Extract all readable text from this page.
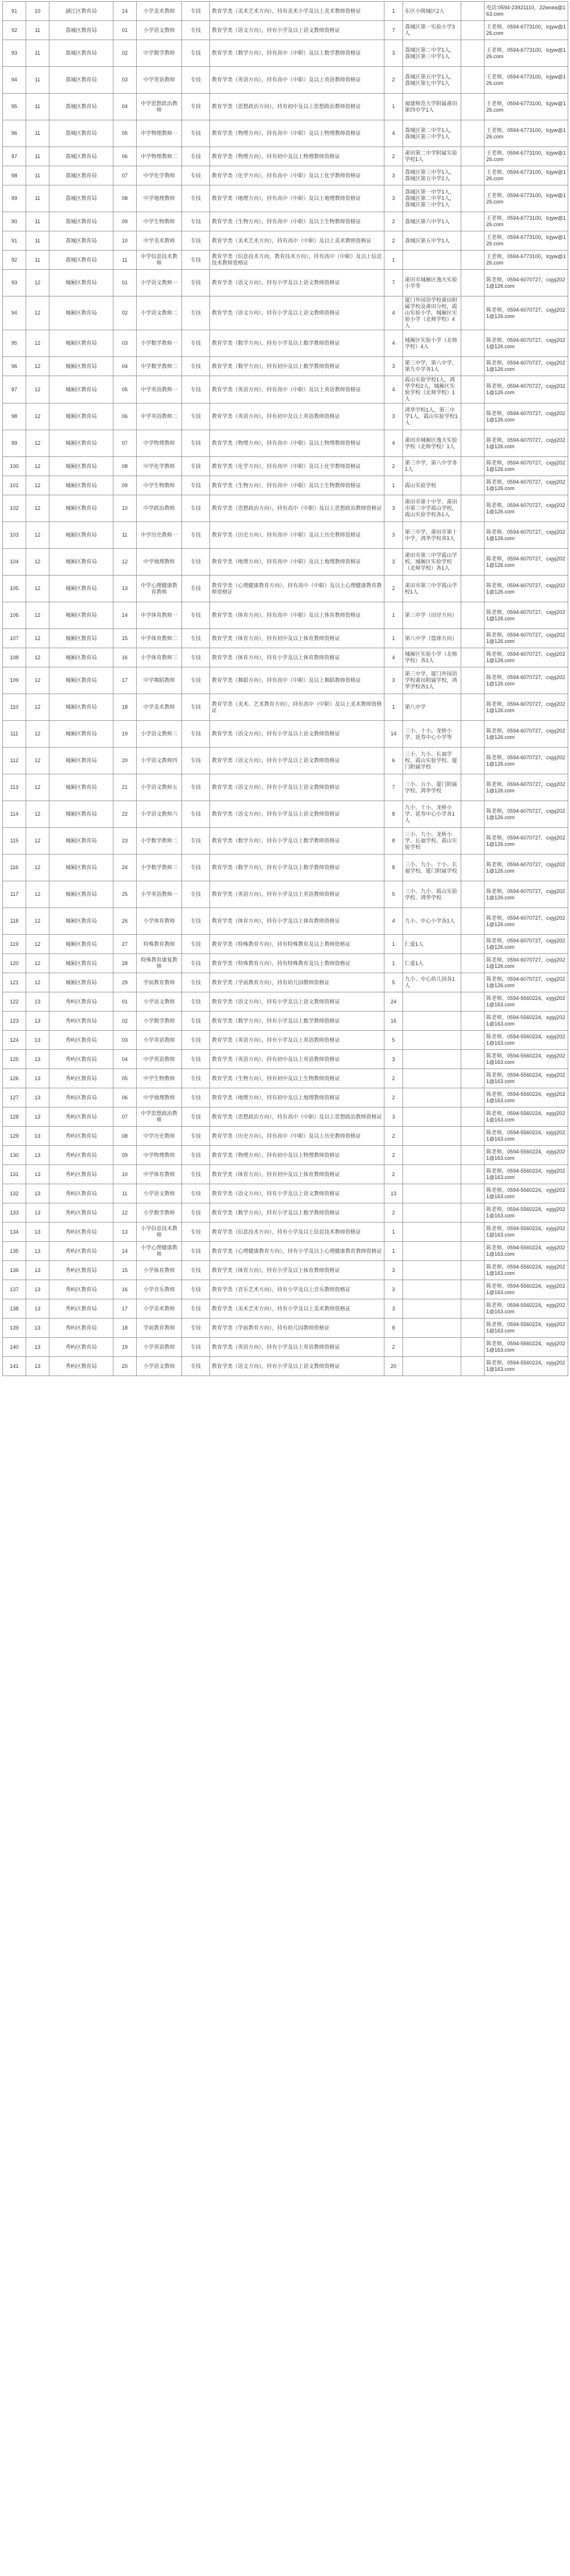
91	10	涵江区教育局	14	小学美术教师	专技	教育学类（美术艺术方向），持有美术小学及以上美术教师资格证	1	东区小级城区2人		电话:0594-23921110，22wxea@163.com
92	11	荔城区教育局	01	小学语文教师	专技	教育学类（语文方向），持有小学及以上语文教师资格证	7	荔城区第一实验小学3人		王老师，0594-6773100，lcjyw@126.com
93	11	荔城区教育局	02	中学数学教师	专技	教育学类（数学方向），持有高中（中职）及以上数学教师资格证	3	荔城区第二中学1人，荔城区第三中学1人		王老师，0594-6773100，lcjyw@126.com
94	11	荔城区教育局	03	中学英语教师	专技	教育学类（英语方向），持有高中（中职）及以上英语教师资格证	2	荔城区第五中学1人，荔城区第七中学1人		王老师，0594-6773100，lcjyw@126.com
95	11	荔城区教育局	04	中学思想政治教师	专技	教育学类（思想政治方向），持有初中及以上思想政治教师资格证	1	福建师范大学附属莆田第四中学1人		王老师，0594-6773100，lcjyw@126.com
96	11	荔城区教育局	05	中学物理教师一	专技	教育学类（物理方向），持有高中（中职）及以上物理教师资格证	4	荔城区第二中学1人，荔城区第三中学1人		王老师，0594-6773100，lcjyw@126.com
97	11	荔城区教育局	06	中学物理教师二	专技	教育学类（物理方向），持有初中及以上物理教师资格证	2	莆田第二中学附属实验学校1人		王老师，0594-6773100，lcjyw@126.com
98	11	荔城区教育局	07	中学化学教师	专技	教育学类（化学方向），持有高中（中职）及以上化学教师资格证	3	荔城区第三中学1人，荔城区第五中学2人		王老师，0594-6773100，lcjyw@126.com
99	11	荔城区教育局	08	中学地理教师	专技	教育学类（地理方向），持有高中（中职）及以上地理教师资格证	3	荔城区第一中学1人，荔城区第二中学1人，荔城区第三中学1人		王老师，0594-6773100，lcjyw@126.com
90	11	荔城区教育局	09	中学生物教师	专技	教育学类（生物方向），持有高中（中职）及以上生物教师资格证	2	荔城区第六中学1人		王老师，0594-6773100，lcjyw@126.com
91	11	荔城区教育局	10	中学美术教师	专技	教育学类（美术艺术方向），持有高中（中职）及以上美术教师资格证	2	荔城区第五中学1人		王老师，0594-6773100，lcjyw@126.com
92	11	荔城区教育局	11	中学信息技术教师	专技	教育学类（信息技术方向，教育技术方向），持有高中（中职）及以上信息技术教师资格证	1			王老师，0594-6773100，lcjyw@126.com
93	12	城厢区教育局	01	小学语文教师一	专技	教育学类（语文方向），持有小学及以上语文教师资格证	7	莆田市城厢区逸夫实验小学等		陈老师，0594-6070727，cxjyj2021@126.com
94	12	城厢区教育局	02	小学语文教师二	专技	教育学类（语文方向），持有小学及以上语文教师资格证	4	厦门外国语学校莆田附属学校及莆田分校，霞山实验小学，城厢区实验小学（北师学校）4人		陈老师，0594-6070727，cxjyj2021@126.com
95	12	城厢区教育局	03	小学数学教师一	专技	教育学类（数学方向），持有小学及以上数学教师资格证	4	城厢区实验小学（北师学校）4人		陈老师，0594-6070727，cxjyj2021@126.com
96	12	城厢区教育局	04	中学数学教师二	专技	教育学类（数学方向），持有初中及以上数学教师资格证	3	第三中学，第八中学，第九中学各1人		陈老师，0594-6070727，cxjyj2021@126.com
97	12	城厢区教育局	05	中学英语教师一	专技	教育学类（英语方向），持有高中（中职）及以上英语教师资格证	4	霞山实验学校1人，鸿华学校2人，城厢区实验学校（北师学校）1人		陈老师，0594-6070727，cxjyj2021@126.com
98	12	城厢区教育局	06	中学英语教师二	专技	教育学类（英语方向），持有初中及以上英语教师资格证	3	鸿华学校1人，第三中学1人，霞山实验学校1人		陈老师，0594-6070727，cxjyj2021@126.com
99	12	城厢区教育局	07	中学物理教师	专技	教育学类（物理方向），持有高中（中职）及以上物理教师资格证	4	莆田市城厢区逸夫实验学校（北师学校）1人		陈老师，0594-6070727，cxjyj2021@126.com
100	12	城厢区教育局	08	中学化学教师	专技	教育学类（化学方向），持有高中（中职）及以上化学教师资格证	2	第三中学，第八中学各1人		陈老师，0594-6070727，cxjyj2021@126.com
101	12	城厢区教育局	09	中学生物教师	专技	教育学类（生物方向），持有高中（中职）及以上生物教师资格证	1	霞山实验学校		陈老师，0594-6070727，cxjyj2021@126.com
102	12	城厢区教育局	10	中学政治教师	专技	教育学类（思想政治方向），持有高中（中职）及以上思想政治教师资格证	3	莆田市第十中学、莆田市第三中学霞山学校，霞山实验学校各1人		陈老师，0594-6070727，cxjyj2021@126.com
103	12	城厢区教育局	11	中学历史教师一	专技	教育学类（历史方向），持有高中（中职）及以上历史教师资格证	3	第三中学，莆田市第十中学，鸿华学校各1人		陈老师，0594-6070727，cxjyj2021@126.com
104	12	城厢区教育局	12	中学地理教师	专技	教育学类（地理方向），持有高中（中职）及以上地理教师资格证	3	莆田市第三中学霞山学校，城厢区实验学校（北师学校）各1人		陈老师，0594-6070727，cxjyj2021@126.com
105	12	城厢区教育局	13	中学心理健康教育教师	专技	教育学类（心理健康教育方向），持有高中（中职）及以上心理健康教育教师资格证	2	莆田市第三中学霞山学校1人		陈老师，0594-6070727，cxjyj2021@126.com
106	12	城厢区教育局	14	中学体育教师一	专技	教育学类（体育方向），持有高中（中职）及以上体育教师资格证	1	第三中学（田径方向）		陈老师，0594-6070727，cxjyj2021@126.com
107	12	城厢区教育局	15	中学体育教师二	专技	教育学类（体育方向），持有初中及以上体育教师资格证	1	第八中学（篮球方向）		陈老师，0594-6070727，cxjyj2021@126.com
108	12	城厢区教育局	16	小学体育教师三	专技	教育学类（体育方向），持有小学及以上体育教师资格证	4	城厢区实验小学（北师学校）各1人		陈老师，0594-6070727，cxjyj2021@126.com
109	12	城厢区教育局	17	中学舞蹈教师	专技	教育学类（舞蹈方向），持有高中（中职）及以上舞蹈教师资格证	3	第三中学，厦门外国语学校莆田附属学校，鸿华学校各1人		陈老师，0594-6070727，cxjyj2021@126.com
110	12	城厢区教育局	18	中学美术教师	专技	教育学类（美术、艺术教育方向），持有高中（中职）及以上美术教师资格证	1	第八中学		陈老师，0594-6070727，cxjyj2021@126.com
111	12	城厢区教育局	19	小学语文教师三	专技	教育学类（语文方向），持有小学及以上语文教师资格证	14	三小、十小、龙桥小学、延寿中心小学等		陈老师，0594-6070727，cxjyj2021@126.com
112	12	城厢区教育局	20	小学语文教师四	专技	教育学类（语文方向），持有小学及以上语文教师资格证	6	三小、九小、长福学校、霞山实验学校、厦门附属学校		陈老师，0594-6070727，cxjyj2021@126.com
113	12	城厢区教育局	21	小学语文教师五	专技	教育学类（语文方向），持有小学及以上语文教师资格证	7	三小、五小、厦门附属学校、鸿华学校		陈老师，0594-6070727，cxjyj2021@126.com
114	12	城厢区教育局	22	小学语文教师六	专技	教育学类（语文方向），持有小学及以上语文教师资格证	8	九小、十小、龙桥小学、延寿中心小学各1人		陈老师，0594-6070727，cxjyj2021@126.com
115	12	城厢区教育局	23	小学数学教师二	专技	教育学类（数学方向），持有小学及以上数学教师资格证	8	三小、九小、龙桥小学、长福学校、霞山实验学校		陈老师，0594-6070727，cxjyj2021@126.com
116	12	城厢区教育局	24	小学数学教师三	专技	教育学类（数学方向），持有小学及以上数学教师资格证	8	三小、九小、十小、长福学校、厦门附属学校		陈老师，0594-6070727，cxjyj2021@126.com
117	12	城厢区教育局	25	小学英语教师一	专技	教育学类（英语方向），持有小学及以上英语教师资格证	5	三小、九小、霞山实验学校、鸿华学校		陈老师，0594-6070727，cxjyj2021@126.com
118	12	城厢区教育局	26	小学体育教师	专技	教育学类（体育方向），持有小学及以上体育教师资格证	4	九小、中心小学各1人		陈老师，0594-6070727，cxjyj2021@126.com
119	12	城厢区教育局	27	特殊教育教师	专技	教育学类（特殊教育方向），持有特殊教育及以上教师资格证	1	仁爱1人		陈老师，0594-6070727，cxjyj2021@126.com
120	12	城厢区教育局	28	特殊教育康复教师	专技	教育学类（特殊教育方向），持有特殊教育及以上教师资格证	1	仁爱1人		陈老师，0594-6070727，cxjyj2021@126.com
121	12	城厢区教育局	29	学前教育教师	专技	教育学类（学前教育方向），持有幼儿园教师资格证	5	九小、中心幼儿园各1人		陈老师，0594-6070727，cxjyj2021@126.com
122	13	秀屿区教育局	01	小学语文教师	专技	教育学类（语文方向），持有小学及以上语文教师资格证	24			陈老师，0594-5560224，xyjyj2021@163.com
123	13	秀屿区教育局	02	小学数学教师	专技	教育学类（数学方向），持有小学及以上数学教师资格证	16			陈老师，0594-5560224，xyjyj2021@163.com
124	13	秀屿区教育局	03	小学英语教师	专技	教育学类（英语方向），持有小学及以上英语教师资格证	5			陈老师，0594-5560224，xyjyj2021@163.com
125	13	秀屿区教育局	04	中学英语教师	专技	教育学类（英语方向），持有初中及以上英语教师资格证	3			陈老师，0594-5560224，xyjyj2021@163.com
126	13	秀屿区教育局	05	中学生物教师	专技	教育学类（生物方向），持有初中及以上生物教师资格证	2			陈老师，0594-5560224，xyjyj2021@163.com
127	13	秀屿区教育局	06	中学地理教师	专技	教育学类（地理方向），持有初中及以上地理教师资格证	2			陈老师，0594-5560224，xyjyj2021@163.com
128	13	秀屿区教育局	07	中学思想政治教师	专技	教育学类（思想政治方向），持有高中（中职）及以上思想政治教师资格证	3			陈老师，0594-5560224，xyjyj2021@163.com
129	13	秀屿区教育局	08	中学历史教师	专技	教育学类（历史方向），持有高中（中职）及以上历史教师资格证	2			陈老师，0594-5560224，xyjyj2021@163.com
130	13	秀屿区教育局	09	中学物理教师	专技	教育学类（物理方向），持有初中及以上物理教师资格证	2			陈老师，0594-5560224，xyjyj2021@163.com
131	13	秀屿区教育局	10	中学体育教师	专技	教育学类（体育方向），持有初中及以上体育教师资格证	2			陈老师，0594-5560224，xyjyj2021@163.com
132	13	秀屿区教育局	11	小学语文教师	专技	教育学类（语文方向），持有小学及以上语文教师资格证	13			陈老师，0594-5560224，xyjyj2021@163.com
133	13	秀屿区教育局	12	小学数学教师	专技	教育学类（数学方向），持有小学及以上数学教师资格证	2			陈老师，0594-5560224，xyjyj2021@163.com
134	13	秀屿区教育局	13	小学信息技术教师	专技	教育学类（信息技术方向），持有小学及以上信息技术教师资格证	1			陈老师，0594-5560224，xyjyj2021@163.com
135	13	秀屿区教育局	14	小学心理健康教师	专技	教育学类（心理健康教育方向），持有小学及以上心理健康教育教师资格证	1			陈老师，0594-5560224，xyjyj2021@163.com
136	13	秀屿区教育局	15	小学体育教师	专技	教育学类（体育方向），持有小学及以上体育教师资格证	3			陈老师，0594-5560224，xyjyj2021@163.com
137	13	秀屿区教育局	16	小学音乐教师	专技	教育学类（音乐艺术方向），持有小学及以上音乐教师资格证	3			陈老师，0594-5560224，xyjyj2021@163.com
138	13	秀屿区教育局	17	小学美术教师	专技	教育学类（美术艺术方向），持有小学及以上美术教师资格证	3			陈老师，0594-5560224，xyjyj2021@163.com
139	13	秀屿区教育局	18	学前教育教师	专技	教育学类（学前教育方向），持有幼儿园教师资格证	8			陈老师，0594-5560224，xyjyj2021@163.com
140	13	秀屿区教育局	19	小学英语教师	专技	教育学类（英语方向），持有小学及以上英语教师资格证	2			陈老师，0594-5560224，xyjyj2021@163.com
141	13	秀屿区教育局	20	小学语文教师	专技	教育学类（语文方向），持有小学及以上语文教师资格证	20			陈老师，0594-5560224，xyjyj2021@163.com
